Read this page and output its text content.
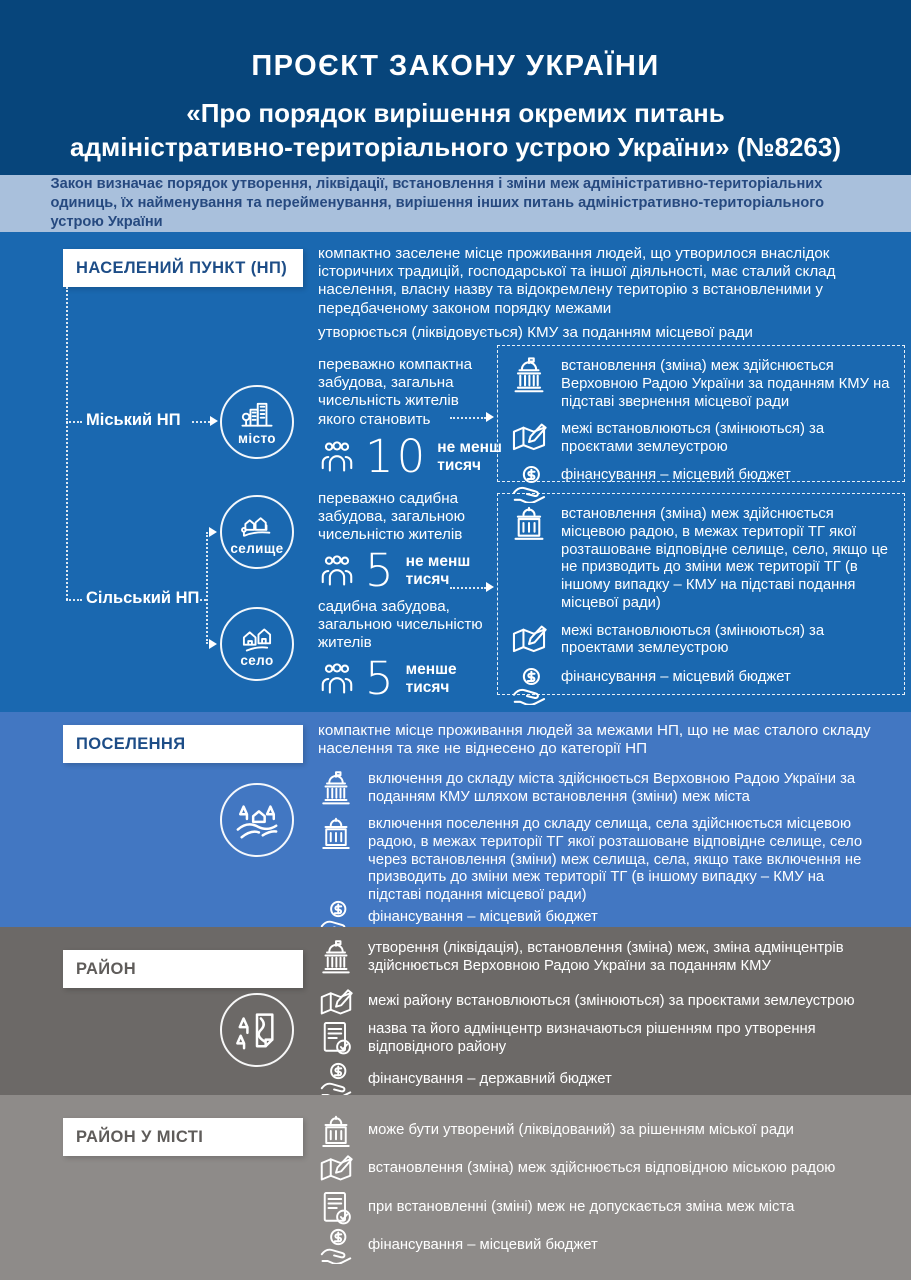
ПРОЄКТ ЗАКОНУ УКРАЇНИ
«Про порядок вирішення окремих питань
адміністративно-територіального устрою України» (№8263)
Закон визначає порядок утворення, ліквідації, встановлення і зміни меж адміністративно-територіальних одиниць, їх найменування та перейменування, вирішення інших питань адміністративно-територіального устрою України
НАСЕЛЕНИЙ ПУНКТ (НП)
компактно заселене місце проживання людей, що утворилося внаслідок історичних традицій, господарської та іншої діяльності, має сталий склад населення, власну назву та відокремлену територію з встановленими у передбаченому законом порядку межами
утворюється (ліквідовується) КМУ за поданням місцевої ради
Міський НП
місто
переважно компактна забудова, загальна чисельність жителів якого становить
10 не менш
тисяч
встановлення (зміна) меж здійснюється Верховною Радою України за поданням КМУ на підставі звернення місцевої ради
межі встановлюються (змінюються) за проєктами землеустрою
фінансування – місцевий бюджет
Сільський НП
селище
переважно садибна забудова, загальною чисельністю жителів
5 не менш
тисяч
село
садибна забудова, загальною чисельністю жителів
5 менше
тисяч
встановлення (зміна) меж здійснюється місцевою радою, в межах території ТГ якої розташоване відповідне селище, село, якщо це не призводить до зміни меж території ТГ (в іншому випадку – КМУ на підставі подання місцевої ради)
межі встановлюються (змінюються) за проектами землеустрою
фінансування – місцевий бюджет
ПОСЕЛЕННЯ
компактне місце проживання людей за межами НП, що не має сталого складу населення та яке не віднесено до категорії НП
включення до складу міста здійснюється Верховною Радою України за поданням КМУ шляхом встановлення (зміни) меж міста
включення поселення до складу селища, села здійснюється місцевою радою, в межах території ТГ якої розташоване відповідне селище, село через встановлення (зміни) меж селища, села, якщо таке включення не призводить до зміни меж території ТГ (в іншому випадку – КМУ на підставі подання місцевої ради)
фінансування – місцевий бюджет
РАЙОН
утворення (ліквідація), встановлення (зміна) меж, зміна адмінцентрів здійснюється Верховною Радою України за поданням КМУ
межі району встановлюються (змінюються) за проєктами землеустрою
назва та його адмінцентр визначаються рішенням про утворення відповідного району
фінансування – державний бюджет
РАЙОН У МІСТІ	може бути утворений (ліквідований) за рішенням міської ради
встановлення (зміна) меж здійснюється відповідною міською радою
при встановленні (зміні) меж не допускається зміна меж міста
фінансування – місцевий бюджет
